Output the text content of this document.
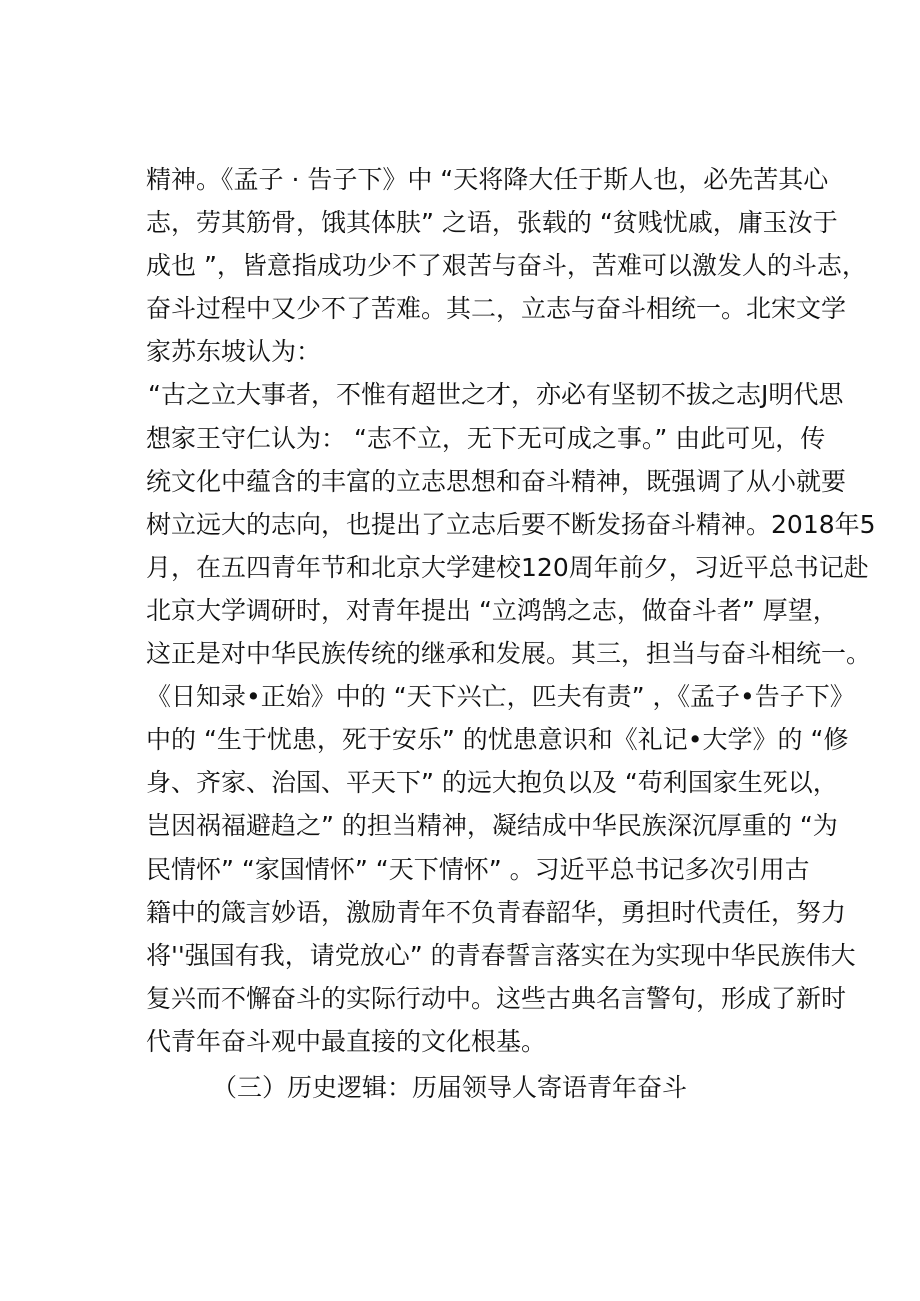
精神。《孟子 · 告子下》中 “天将降大任于斯人也，必先苦其心
志，劳其筋骨，饿其体肤” 之语，张载的 “贫贱忧戚，庸玉汝于
成也 ”，皆意指成功少不了艰苦与奋斗，苦难可以激发人的斗志，
奋斗过程中又少不了苦难。其二，立志与奋斗相统一。北宋文学
家苏东坡认为：
“古之立大事者，不惟有超世之才，亦必有坚韧不拔之志J明代思
想家王守仁认为： “志不立，无下无可成之事。” 由此可见，传
统文化中蕴含的丰富的立志思想和奋斗精神，既强调了从小就要
树立远大的志向，也提出了立志后要不断发扬奋斗精神。2018年5
月，在五四青年节和北京大学建校120周年前夕，习近平总书记赴
北京大学调研时，对青年提出 “立鸿鹄之志，做奋斗者” 厚望，
这正是对中华民族传统的继承和发展。其三，担当与奋斗相统一。
《日知录•正始》中的 “天下兴亡，匹夫有责” ，《孟子•告子下》
中的 “生于忧患，死于安乐” 的忧患意识和《礼记•大学》的 “修
身、齐家、治国、平天下” 的远大抱负以及 “苟利国家生死以，
岂因祸福避趋之” 的担当精神，凝结成中华民族深沉厚重的 “为
民情怀” “家国情怀” “天下情怀” 。习近平总书记多次引用古
籍中的箴言妙语，激励青年不负青春韶华，勇担时代责任，努力
将''强国有我，请党放心” 的青春誓言落实在为实现中华民族伟大
复兴而不懈奋斗的实际行动中。这些古典名言警句，形成了新时
代青年奋斗观中最直接的文化根基。
（三）历史逻辑：历届领导人寄语青年奋斗
